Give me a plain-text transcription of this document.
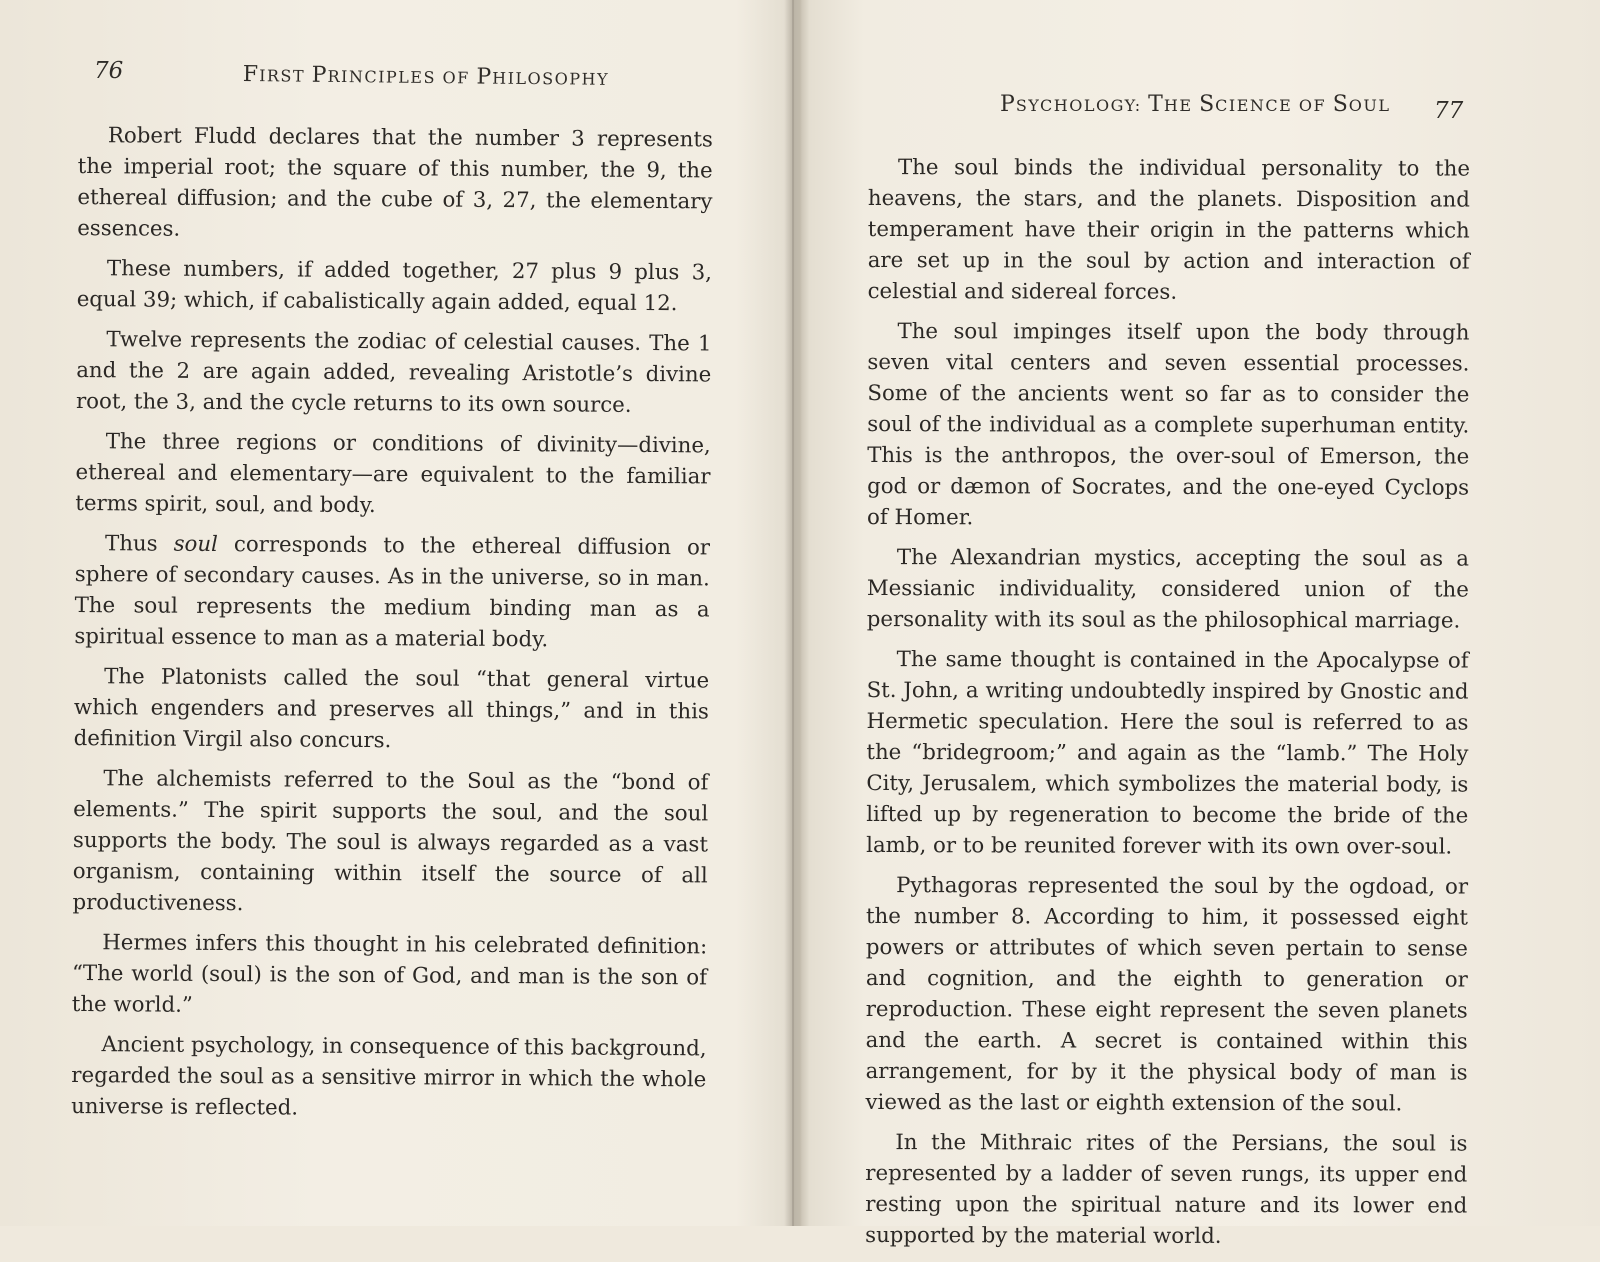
76	FIRST PRINCIPLES OF PHILOSOPHY

Robert Fludd declares that the number 3 represents the imperial root; the square of this number, the 9, the ethereal diffusion; and the cube of 3, 27, the elementary essences.

These numbers, if added together, 27 plus 9 plus 3, equal 39; which, if cabalistically again added, equal 12.

Twelve represents the zodiac of celestial causes. The 1 and the 2 are again added, revealing Aristotle’s divine root, the 3, and the cycle returns to its own source.

The three regions or conditions of divinity—divine, ethereal and elementary—are equivalent to the familiar terms spirit, soul, and body.

Thus soul corresponds to the ethereal diffusion or sphere of secondary causes. As in the universe, so in man. The soul represents the medium binding man as a spiritual essence to man as a material body.

The Platonists called the soul “that general virtue which engenders and preserves all things,” and in this definition Virgil also concurs.

The alchemists referred to the Soul as the “bond of elements.” The spirit supports the soul, and the soul supports the body. The soul is always regarded as a vast organism, containing within itself the source of all productiveness.

Hermes infers this thought in his celebrated definition: “The world (soul) is the son of God, and man is the son of the world.”

Ancient psychology, in consequence of this background, regarded the soul as a sensitive mirror in which the whole universe is reflected.

PSYCHOLOGY: THE SCIENCE OF SOUL 77

The soul binds the individual personality to the heavens, the stars, and the planets. Disposition and temperament have their origin in the patterns which are set up in the soul by action and interaction of celestial and sidereal forces.

The soul impinges itself upon the body through seven vital centers and seven essential processes. Some of the ancients went so far as to consider the soul of the individual as a complete superhuman entity. This is the anthropos, the over-soul of Emerson, the god or dæmon of Socrates, and the one-eyed Cyclops of Homer.

The Alexandrian mystics, accepting the soul as a Messianic individuality, considered union of the personality with its soul as the philosophical marriage.

The same thought is contained in the Apocalypse of St. John, a writing undoubtedly inspired by Gnostic and Hermetic speculation. Here the soul is referred to as the “bridegroom;” and again as the “lamb.” The Holy City, Jerusalem, which symbolizes the material body, is lifted up by regeneration to become the bride of the lamb, or to be reunited forever with its own over-soul.

Pythagoras represented the soul by the ogdoad, or the number 8. According to him, it possessed eight powers or attributes of which seven pertain to sense and cognition, and the eighth to generation or reproduction. These eight represent the seven planets and the earth. A secret is contained within this arrangement, for by it the physical body of man is viewed as the last or eighth extension of the soul.

In the Mithraic rites of the Persians, the soul is represented by a ladder of seven rungs, its upper end resting upon the spiritual nature and its lower end supported by the material world.
